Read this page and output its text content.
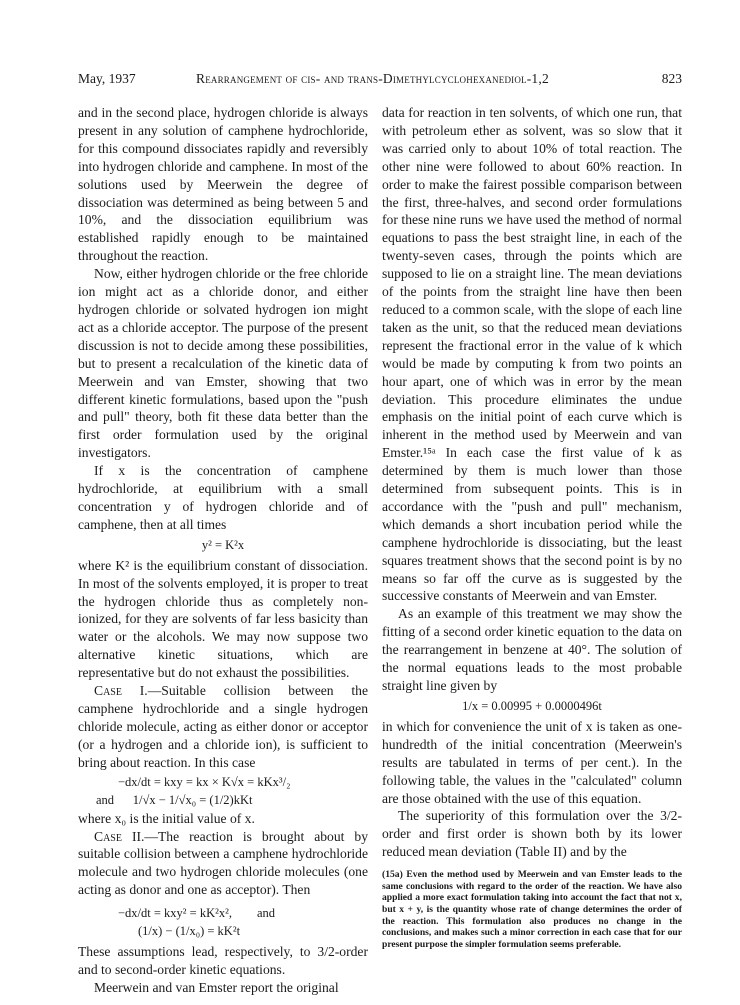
May, 1937	Rearrangement of cis- and trans-Dimethylcyclohexanediol-1,2	823

and in the second place, hydrogen chloride is always present in any solution of camphene hydrochloride, for this compound dissociates rapidly and reversibly into hydrogen chloride and camphene. In most of the solutions used by Meerwein the degree of dissociation was determined as being between 5 and 10%, and the dissociation equilibrium was established rapidly enough to be maintained throughout the reaction.

Now, either hydrogen chloride or the free chloride ion might act as a chloride donor, and either hydrogen chloride or solvated hydrogen ion might act as a chloride acceptor. The purpose of the present discussion is not to decide among these possibilities, but to present a recalculation of the kinetic data of Meerwein and van Emster, showing that two different kinetic formulations, based upon the "push and pull" theory, both fit these data better than the first order formulation used by the original investigators.

If x is the concentration of camphene hydrochloride, at equilibrium with a small concentration y of hydrogen chloride and of camphene, then at all times

y² = K²x

where K² is the equilibrium constant of dissociation. In most of the solvents employed, it is proper to treat the hydrogen chloride thus as completely non-ionized, for they are solvents of far less basicity than water or the alcohols. We may now suppose two alternative kinetic situations, which are representative but do not exhaust the possibilities.

Case I.—Suitable collision between the camphene hydrochloride and a single hydrogen chloride molecule, acting as either donor or acceptor (or a hydrogen and a chloride ion), is sufficient to bring about reaction. In this case

−dx/dt = kxy = kx × K√x = kKx³/₂
and      1/√x − 1/√x₀ = (1/2)kKt

where x₀ is the initial value of x.

Case II.—The reaction is brought about by suitable collision between a camphene hydrochloride molecule and two hydrogen chloride molecules (one acting as donor and one as acceptor). Then

−dx/dt = kxy² = kK²x²,        and
(1/x) − (1/x₀) = kK²t

These assumptions lead, respectively, to 3/2-order and to second-order kinetic equations.

Meerwein and van Emster report the original

data for reaction in ten solvents, of which one run, that with petroleum ether as solvent, was so slow that it was carried only to about 10% of total reaction. The other nine were followed to about 60% reaction. In order to make the fairest possible comparison between the first, three-halves, and second order formulations for these nine runs we have used the method of normal equations to pass the best straight line, in each of the twenty-seven cases, through the points which are supposed to lie on a straight line. The mean deviations of the points from the straight line have then been reduced to a common scale, with the slope of each line taken as the unit, so that the reduced mean deviations represent the fractional error in the value of k which would be made by computing k from two points an hour apart, one of which was in error by the mean deviation. This procedure eliminates the undue emphasis on the initial point of each curve which is inherent in the method used by Meerwein and van Emster.¹⁵ᵃ In each case the first value of k as determined by them is much lower than those determined from subsequent points. This is in accordance with the "push and pull" mechanism, which demands a short incubation period while the camphene hydrochloride is dissociating, but the least squares treatment shows that the second point is by no means so far off the curve as is suggested by the successive constants of Meerwein and van Emster.

As an example of this treatment we may show the fitting of a second order kinetic equation to the data on the rearrangement in benzene at 40°. The solution of the normal equations leads to the most probable straight line given by

1/x = 0.00995 + 0.0000496t

in which for convenience the unit of x is taken as one-hundredth of the initial concentration (Meerwein's results are tabulated in terms of per cent.). In the following table, the values in the "calculated" column are those obtained with the use of this equation.

The superiority of this formulation over the 3/2-order and first order is shown both by its lower reduced mean deviation (Table II) and by the

(15a) Even the method used by Meerwein and van Emster leads to the same conclusions with regard to the order of the reaction. We have also applied a more exact formulation taking into account the fact that not x, but x + y, is the quantity whose rate of change determines the order of the reaction. This formulation also produces no change in the conclusions, and makes such a minor correction in each case that for our present purpose the simpler formulation seems preferable.
